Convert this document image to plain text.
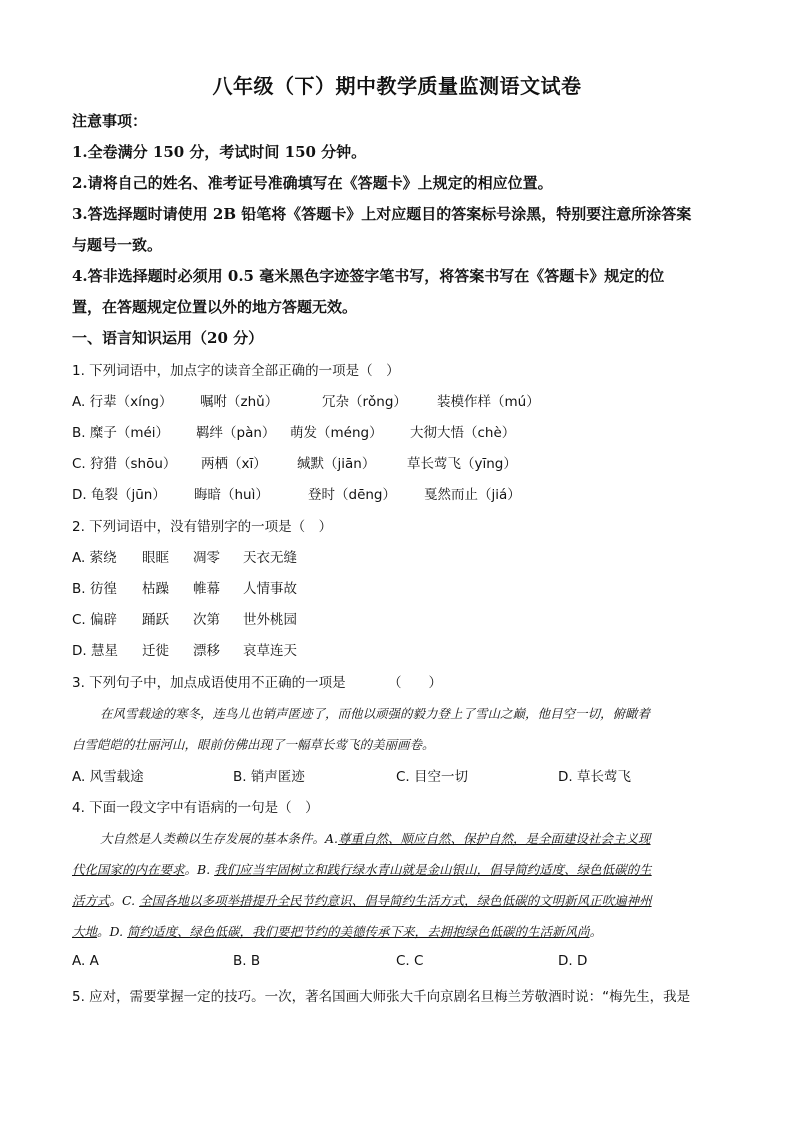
八年级（下）期中教学质量监测语文试卷
注意事项：
1.全卷满分 150 分，考试时间 150 分钟。
2.请将自己的姓名、准考证号准确填写在《答题卡》上规定的相应位置。
3.答选择题时请使用 2B 铅笔将《答题卡》上对应题目的答案标号涂黑，特别要注意所涂答案
与题号一致。
4.答非选择题时必须用 0.5 毫米黑色字迹签字笔书写，将答案书写在《答题卡》规定的位
置，在答题规定位置以外的地方答题无效。
一、语言知识运用（20 分）
1. 下列词语中，加点字的读音全部正确的一项是（　）
A. 行辈（xíng） 嘱咐（zhǔ）	冗杂（rǒng） 装模作样（mú）
B. 糜子（méi） 羁绊（pàn） 萌发（méng） 大彻大悟（chè）
C. 狩猎（shōu） 两栖（xī） 缄默（jiān） 草长莺飞（yīng）
D. 龟裂（jūn） 晦暗（huì）	登时（dēng） 戛然而止（jiá）
2. 下列词语中，没有错别字的一项是（　）
A. 萦绕 眼眶 凋零 天衣无缝
B. 彷徨 枯躁 帷幕 人情事故
C. 偏辟 踊跃 次第 世外桃园
D. 慧星 迁徙 漂移 哀草连天
3. 下列句子中，加点成语使用不正确的一项是	（　　）
在风雪载途的寒冬，连鸟儿也销声匿迹了，而他以顽强的毅力登上了雪山之巅，他目空一切，俯瞰着
白雪皑皑的壮丽河山，眼前仿佛出现了一幅草长莺飞的美丽画卷。
A. 风雪载途	B. 销声匿迹	C. 目空一切	D. 草长莺飞
4. 下面一段文字中有语病的一句是（　）
大自然是人类赖以生存发展的基本条件。A.尊重自然、顺应自然、保护自然，是全面建设社会主义现
代化国家的内在要求。B. 我们应当牢固树立和践行绿水青山就是金山银山，倡导简约适度、绿色低碳的生
活方式。C. 全国各地以多项举措提升全民节约意识、倡导简约生活方式，绿色低碳的文明新风正吹遍神州
大地。D. 简约适度、绿色低碳，我们要把节约的美德传承下来，去拥抱绿色低碳的生活新风尚。
A. A	B. B	C. C	D. D
5. 应对，需要掌握一定的技巧。一次，著名国画大师张大千向京剧名旦梅兰芳敬酒时说：“梅先生，我是
